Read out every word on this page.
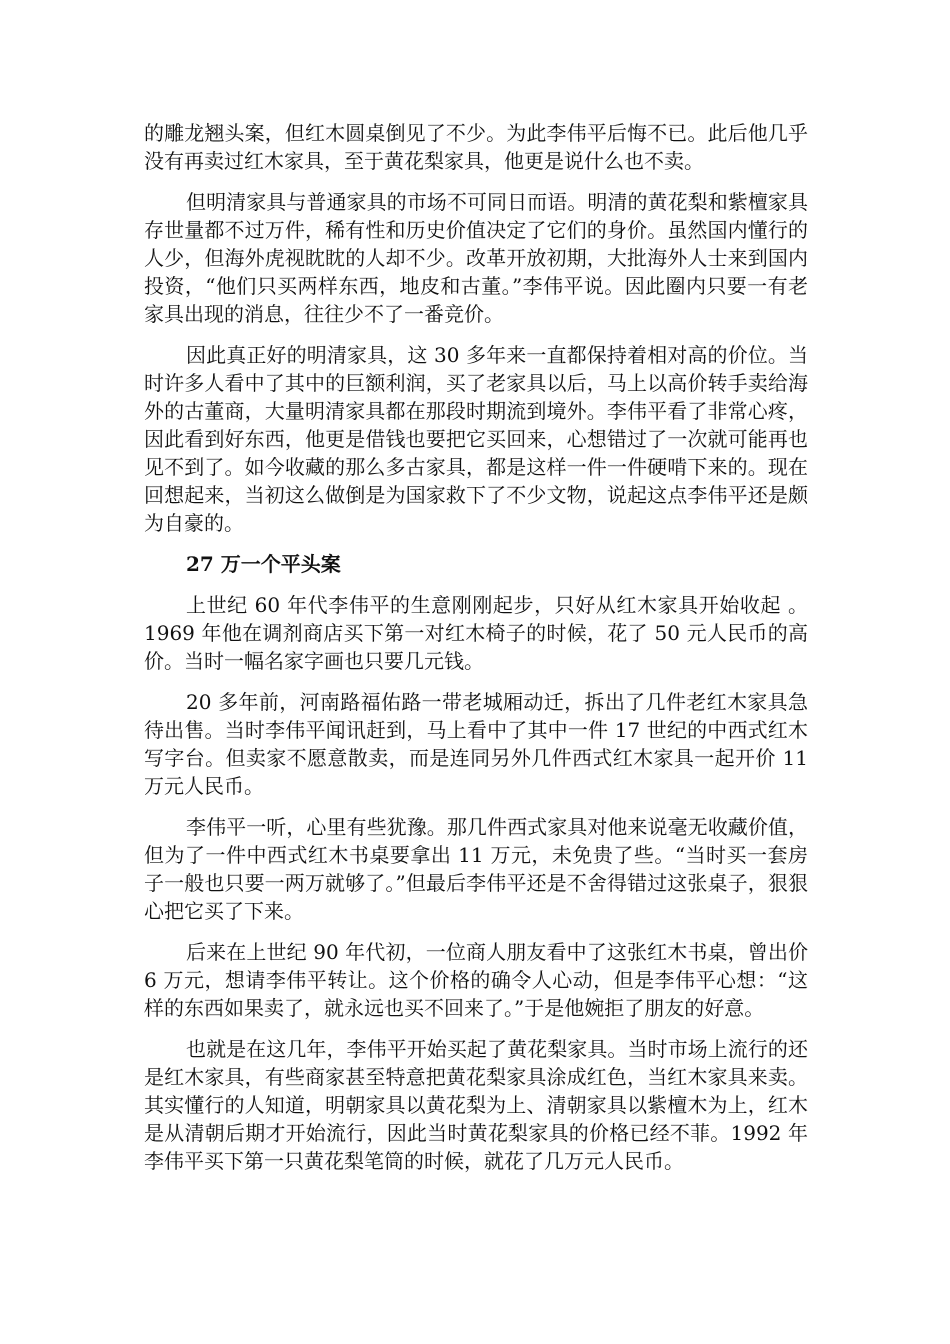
的雕龙翘头案，但红木圆桌倒见了不少。为此李伟平后悔不已。此后他几乎没有再卖过红木家具，至于黄花梨家具，他更是说什么也不卖。

但明清家具与普通家具的市场不可同日而语。明清的黄花梨和紫檀家具存世量都不过万件，稀有性和历史价值决定了它们的身价。虽然国内懂行的人少，但海外虎视眈眈的人却不少。改革开放初期，大批海外人士来到国内投资，“他们只买两样东西，地皮和古董。”李伟平说。因此圈内只要一有老家具出现的消息，往往少不了一番竞价。

因此真正好的明清家具，这 30 多年来一直都保持着相对高的价位。当时许多人看中了其中的巨额利润，买了老家具以后，马上以高价转手卖给海外的古董商，大量明清家具都在那段时期流到境外。李伟平看了非常心疼，因此看到好东西，他更是借钱也要把它买回来，心想错过了一次就可能再也见不到了。如今收藏的那么多古家具，都是这样一件一件硬啃下来的。现在回想起来，当初这么做倒是为国家救下了不少文物，说起这点李伟平还是颇为自豪的。

27 万一个平头案

上世纪 60 年代李伟平的生意刚刚起步，只好从红木家具开始收起 。1969 年他在调剂商店买下第一对红木椅子的时候，花了 50 元人民币的高价。当时一幅名家字画也只要几元钱。

20 多年前，河南路福佑路一带老城厢动迁，拆出了几件老红木家具急待出售。当时李伟平闻讯赶到，马上看中了其中一件 17 世纪的中西式红木写字台。但卖家不愿意散卖，而是连同另外几件西式红木家具一起开价 11 万元人民币。

李伟平一听，心里有些犹豫。那几件西式家具对他来说毫无收藏价值，但为了一件中西式红木书桌要拿出 11 万元，未免贵了些。“当时买一套房子一般也只要一两万就够了。”但最后李伟平还是不舍得错过这张桌子，狠狠心把它买了下来。

后来在上世纪 90 年代初，一位商人朋友看中了这张红木书桌，曾出价 6 万元，想请李伟平转让。这个价格的确令人心动，但是李伟平心想：“这样的东西如果卖了，就永远也买不回来了。”于是他婉拒了朋友的好意。

也就是在这几年，李伟平开始买起了黄花梨家具。当时市场上流行的还是红木家具，有些商家甚至特意把黄花梨家具涂成红色，当红木家具来卖。其实懂行的人知道，明朝家具以黄花梨为上、清朝家具以紫檀木为上，红木是从清朝后期才开始流行，因此当时黄花梨家具的价格已经不菲。1992 年李伟平买下第一只黄花梨笔筒的时候，就花了几万元人民币。
